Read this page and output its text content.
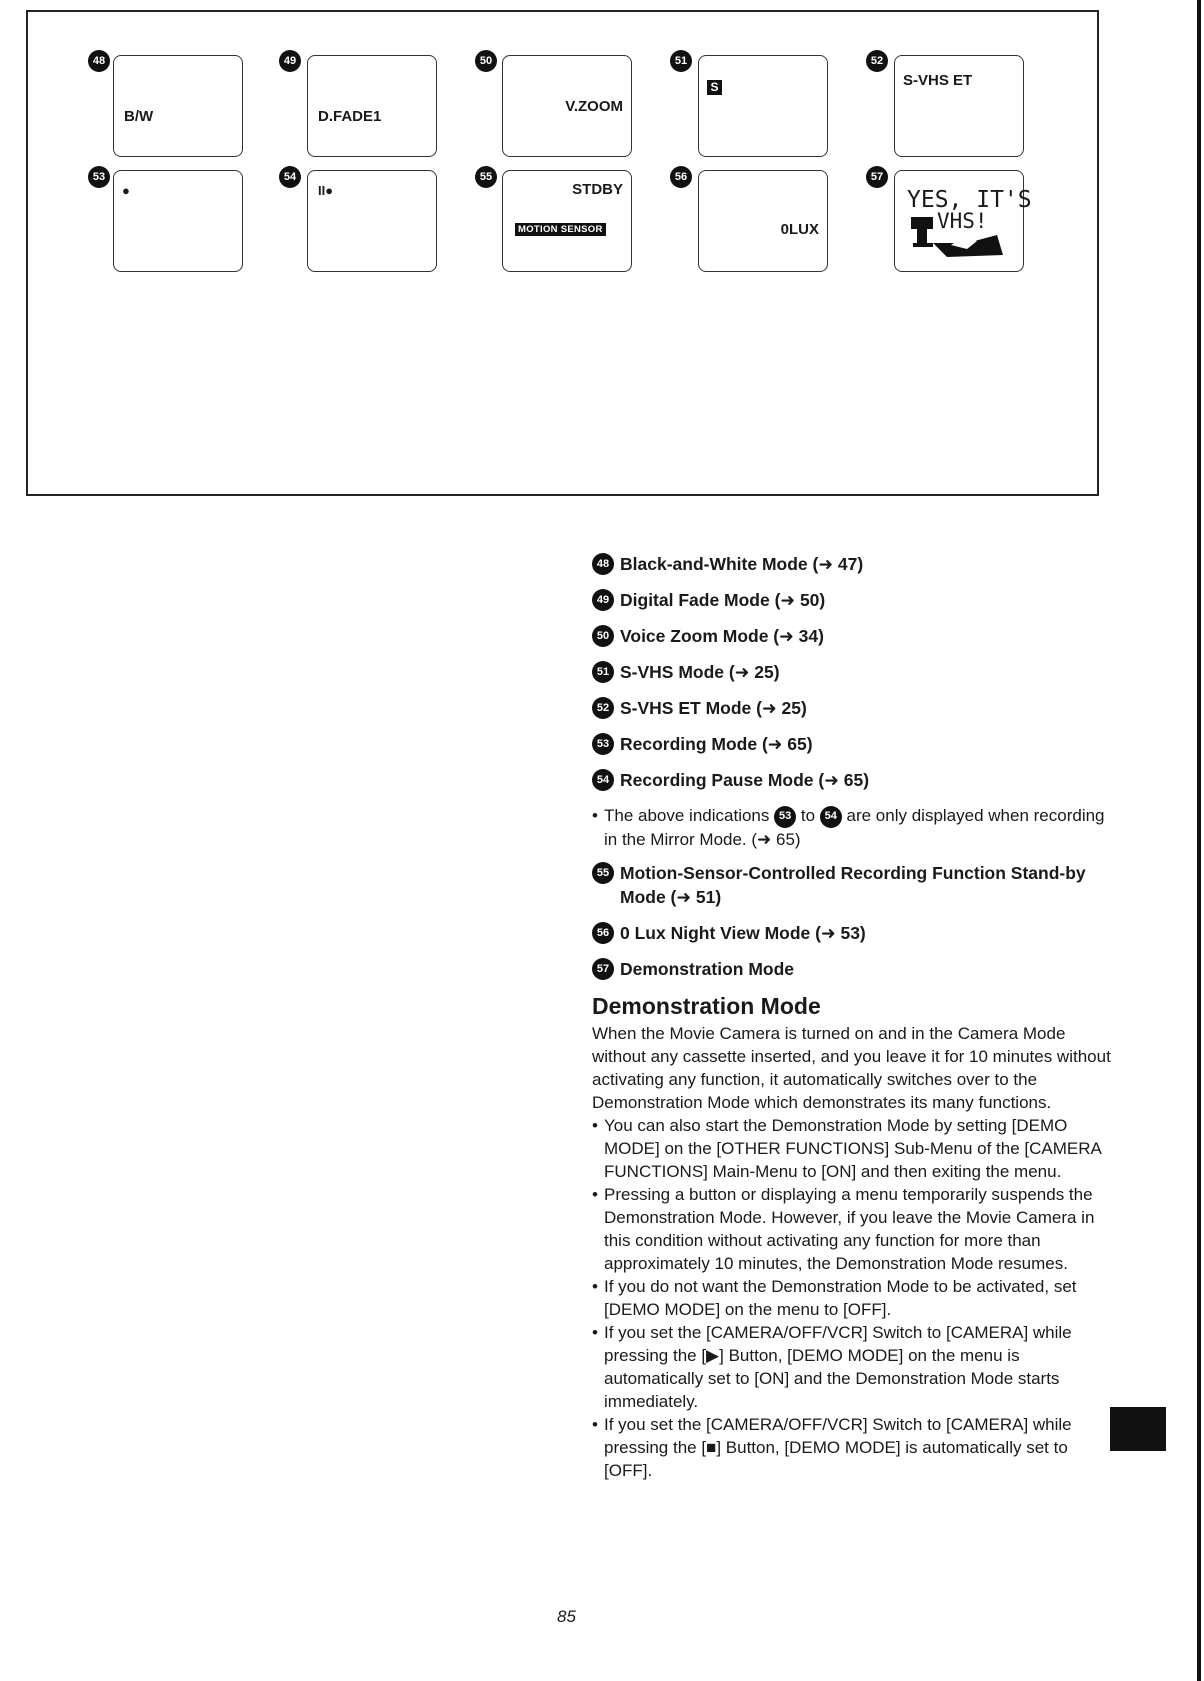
48
B/W
49
D.FADE1
50
V.ZOOM
51
S
52
S-VHS ET
53
●
54
II●
55
STDBY
MOTION SENSOR
56
0LUX
57
YES, IT'S
VHS!
48 Black-and-White Mode (➜ 47)
49 Digital Fade Mode (➜ 50)
50 Voice Zoom Mode (➜ 34)
51 S-VHS Mode (➜ 25)
52 S-VHS ET Mode (➜ 25)
53 Recording Mode (➜ 65)
54 Recording Pause Mode (➜ 65)
• The above indications 53 to 54 are only displayed when recording in the Mirror Mode. (➜ 65)
55 Motion-Sensor-Controlled Recording Function Stand-by Mode (➜ 51)
56 0 Lux Night View Mode (➜ 53)
57 Demonstration Mode
Demonstration Mode

When the Movie Camera is turned on and in the Camera Mode without any cassette inserted, and you leave it for 10 minutes without activating any function, it automatically switches over to the Demonstration Mode which demonstrates its many functions.

• You can also start the Demonstration Mode by setting [DEMO MODE] on the [OTHER FUNCTIONS] Sub-Menu of the [CAMERA FUNCTIONS] Main-Menu to [ON] and then exiting the menu.

• Pressing a button or displaying a menu temporarily suspends the Demonstration Mode. However, if you leave the Movie Camera in this condition without activating any function for more than approximately 10 minutes, the Demonstration Mode resumes.

• If you do not want the Demonstration Mode to be activated, set [DEMO MODE] on the menu to [OFF].

• If you set the [CAMERA/OFF/VCR] Switch to [CAMERA] while pressing the [▶] Button, [DEMO MODE] on the menu is automatically set to [ON] and the Demonstration Mode starts immediately.

• If you set the [CAMERA/OFF/VCR] Switch to [CAMERA] while pressing the [■] Button, [DEMO MODE] is automatically set to [OFF].

85
